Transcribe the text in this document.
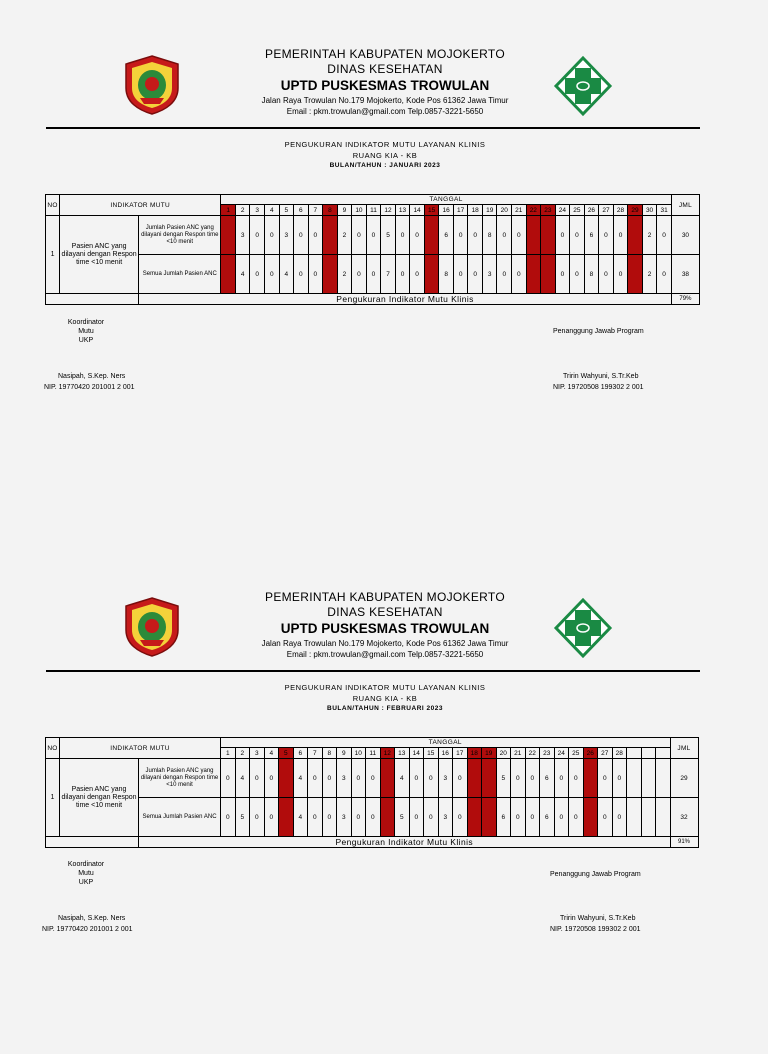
PEMERINTAH KABUPATEN MOJOKERTO
DINAS KESEHATAN
UPTD PUSKESMAS TROWULAN
Jalan Raya Trowulan No.179 Mojokerto, Kode Pos 61362 Jawa Timur
Email : pkm.trowulan@gmail.com Telp.0857-3221-5650
PENGUKURAN INDIKATOR MUTU LAYANAN KLINIS
RUANG KIA - KB
BULAN/TAHUN : JANUARI 2023
NO	INDIKATOR MUTU		TANGGAL																															JML
			1	2	3	4	5	6	7	8	9	10	11	12	13	14	15	16	17	18	19	20	21	22	23	24	25	26	27	28	29	30	31	
1	Pasien ANC yang dilayani dengan Respon time <10 menit	Jumlah Pasien ANC yang dilayani dengan Respon time <10 menit		3	0	0	3	0	0		2	0	0	5	0	0		6	0	0	8	0	0			0	0	6	0	0		2	0	30
		Semua Jumlah Pasien ANC		4	0	0	4	0	0		2	0	0	7	0	0		8	0	0	3	0	0			0	0	8	0	0		2	0	38
		Pengukuran Indikator Mutu Klinis																																79%
Koordinator Mutu
UKP
Penanggung Jawab Program
Nasipah, S.Kep. Ners
NIP. 19770420 201001 2 001
Tririn Wahyuni, S.Tr.Keb
NIP. 19720508 199302 2 001
PEMERINTAH KABUPATEN MOJOKERTO
DINAS KESEHATAN
UPTD PUSKESMAS TROWULAN
Jalan Raya Trowulan No.179 Mojokerto, Kode Pos 61362 Jawa Timur
Email : pkm.trowulan@gmail.com Telp.0857-3221-5650
PENGUKURAN INDIKATOR MUTU LAYANAN KLINIS
RUANG KIA - KB
BULAN/TAHUN : FEBRUARI 2023
NO	INDIKATOR MUTU		TANGGAL																															JML
			1	2	3	4	5	6	7	8	9	10	11	12	13	14	15	16	17	18	19	20	21	22	23	24	25	26	27	28				
1	Pasien ANC yang dilayani dengan Respon time <10 menit	Jumlah Pasien ANC yang dilayani dengan Respon time <10 menit	0	4	0	0		4	0	0	3	0	0		4	0	0	3	0			5	0	0	6	0	0		0	0				29
		Semua Jumlah Pasien ANC	0	5	0	0		4	0	0	3	0	0		5	0	0	3	0			6	0	0	6	0	0		0	0				32
		Pengukuran Indikator Mutu Klinis																																91%
Koordinator Mutu
UKP
Penanggung Jawab Program
Nasipah, S.Kep. Ners
NIP. 19770420 201001 2 001
Tririn Wahyuni, S.Tr.Keb
NIP. 19720508 199302 2 001
